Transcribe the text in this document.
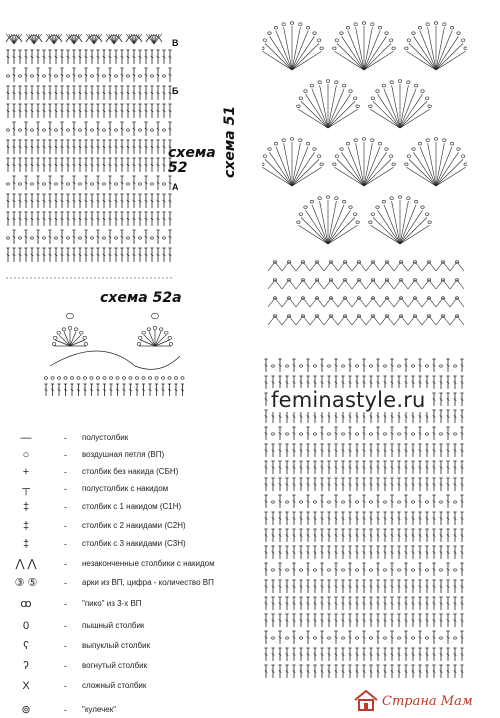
В
Б
А
схема 52
схема 52а
схема 51
feminastyle.ru
—	- полустолбик
○	- воздушная петля (ВП)
+	- столбик без накида (СБН)
┬	- полустолбик с накидом
‡	- столбик с 1 накидом (С1Н)
‡	- столбик с 2 накидами (С2Н)
‡	- столбик с 3 накидами (С3Н)
⋀ ⋀	- незаконченные столбики с накидом
③ ⑤	- арки из ВП, цифра - количество ВП
ꝏ	- "пико" из 3-х ВП
0	- пышный столбик
ʕ	- выпуклый столбик
ʔ	- вогнутый столбик
X	- сложный столбик
⊚	- "кулечек"
Страна Мам
